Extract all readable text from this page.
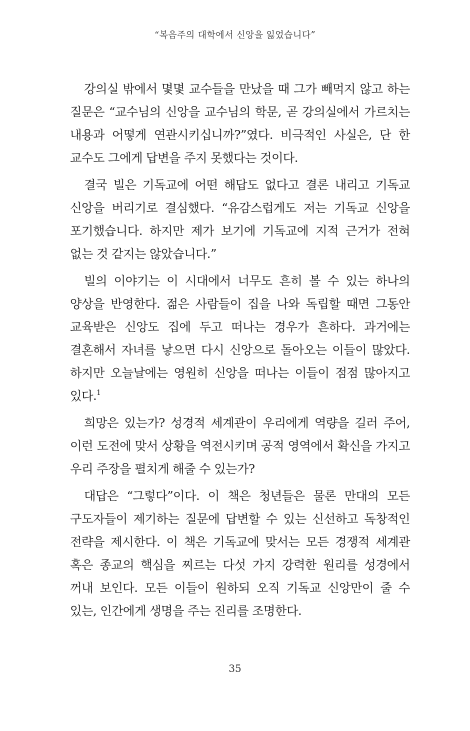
“복음주의 대학에서 신앙을 잃었습니다”

강의실 밖에서 몇몇 교수들을 만났을 때 그가 빼먹지 않고 하는 질문은 “교수님의 신앙을 교수님의 학문, 곧 강의실에서 가르치는 내용과 어떻게 연관시키십니까?”였다. 비극적인 사실은, 단 한 교수도 그에게 답변을 주지 못했다는 것이다.

결국 빌은 기독교에 어떤 해답도 없다고 결론 내리고 기독교 신앙을 버리기로 결심했다. “유감스럽게도 저는 기독교 신앙을 포기했습니다. 하지만 제가 보기에 기독교에 지적 근거가 전혀 없는 것 같지는 않았습니다.”

빌의 이야기는 이 시대에서 너무도 흔히 볼 수 있는 하나의 양상을 반영한다. 젊은 사람들이 집을 나와 독립할 때면 그동안 교육받은 신앙도 집에 두고 떠나는 경우가 흔하다. 과거에는 결혼해서 자녀를 낳으면 다시 신앙으로 돌아오는 이들이 많았다. 하지만 오늘날에는 영원히 신앙을 떠나는 이들이 점점 많아지고 있다.$^1$

희망은 있는가? 성경적 세계관이 우리에게 역량을 길러 주어, 이런 도전에 맞서 상황을 역전시키며 공적 영역에서 확신을 가지고 우리 주장을 펼치게 해줄 수 있는가?

대답은 “그렇다”이다. 이 책은 청년들은 물론 만대의 모든 구도자들이 제기하는 질문에 답변할 수 있는 신선하고 독창적인 전략을 제시한다. 이 책은 기독교에 맞서는 모든 경쟁적 세계관 혹은 종교의 핵심을 찌르는 다섯 가지 강력한 원리를 성경에서 꺼내 보인다. 모든 이들이 원하되 오직 기독교 신앙만이 줄 수 있는, 인간에게 생명을 주는 진리를 조명한다.

35
